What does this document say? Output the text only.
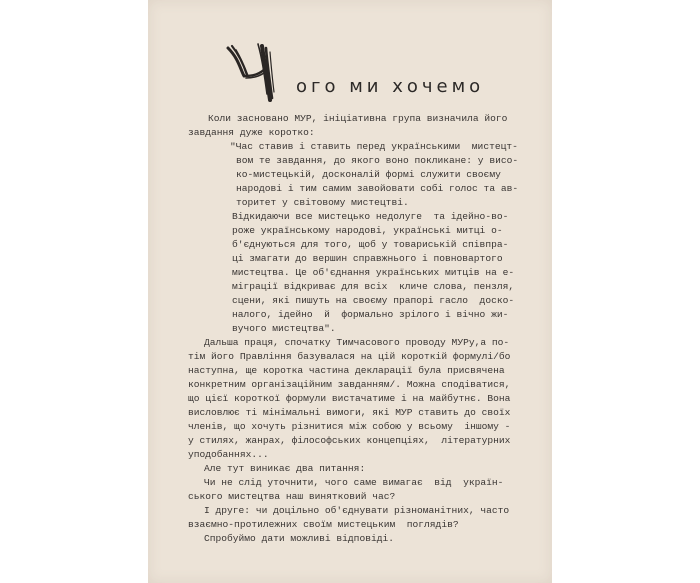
ого ми хочемо
Коли засновано МУР, ініціативна група визначила його
завдання дуже коротко:
"Час ставив і ставить перед українськими  мистецт-
вом те завдання, до якого воно покликане: у висо-
ко-мистецькій, досконалій формі служити своєму
народові і тим самим завойовати собі голос та ав-
торитет у світовому мистецтві.
Відкидаючи все мистецько недолуге  та ідейно-во-
роже українському народові, українські митці о-
б'єднуються для того, щоб у товариській співпра-
ці змагати до вершин справжнього і повновартого
мистецтва. Це об'єднання українських митців на е-
міграції відкриває для всіх  кличе слова, пензля,
сцени, які пишуть на своєму прапорі гасло  доско-
налого, ідейно  й  формально зрілого і вічно жи-
вучого мистецтва".
Дальша праця, спочатку Тимчасового проводу МУРу,а по-
тім його Правління базувалася на цій короткій формулі/бо
наступна, ще коротка частина декларації була присвячена
конкретним організаційним завданням/. Можна сподіватися,
що цієї короткої формули вистачатиме і на майбутнє. Вона
висловлює ті мінімальні вимоги, які МУР ставить до своїх
членів, що хочуть різнитися між собою у всьому  іншому -
у стилях, жанрах, філософських концепціях,  літературних
уподобаннях...
Але тут виникає два питання:
Чи не слід уточнити, чого саме вимагає  від  україн-
ського мистецтва наш винятковий час?
І друге: чи доцільно об'єднувати різноманітних, часто
взаємно-протилежних своїм мистецьким  поглядів?
Спробуймо дати можливі відповіді.
